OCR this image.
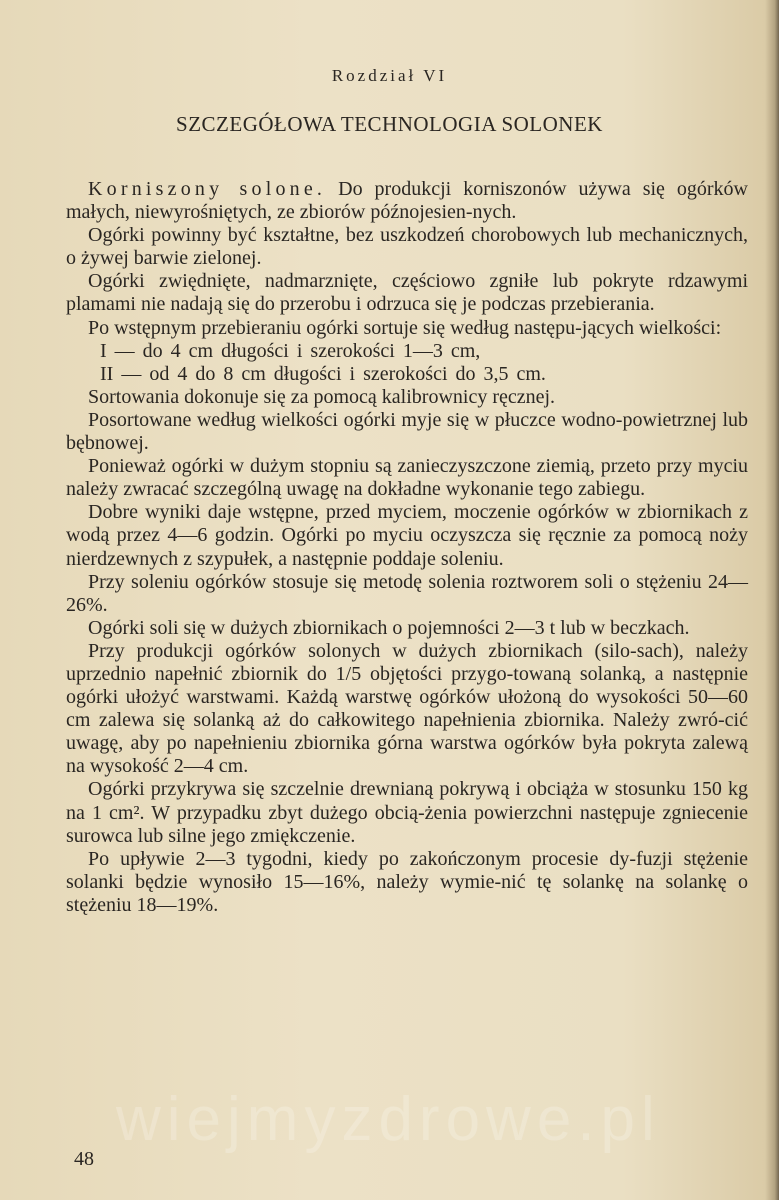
Rozdział VI
SZCZEGÓŁOWA TECHNOLOGIA SOLONEK

Korniszony solone. Do produkcji korniszonów używa się ogórków małych, niewyrośniętych, ze zbiorów późnojesien-nych.

Ogórki powinny być kształtne, bez uszkodzeń chorobowych lub mechanicznych, o żywej barwie zielonej.

Ogórki zwiędnięte, nadmarznięte, częściowo zgniłe lub pokryte rdzawymi plamami nie nadają się do przerobu i odrzuca się je podczas przebierania.

Po wstępnym przebieraniu ogórki sortuje się według następu-jących wielkości:

I — do 4 cm długości i szerokości 1—3 cm,

II — od 4 do 8 cm długości i szerokości do 3,5 cm.

Sortowania dokonuje się za pomocą kalibrownicy ręcznej.

Posortowane według wielkości ogórki myje się w płuczce wodno-powietrznej lub bębnowej.

Ponieważ ogórki w dużym stopniu są zanieczyszczone ziemią, przeto przy myciu należy zwracać szczególną uwagę na dokładne wykonanie tego zabiegu.

Dobre wyniki daje wstępne, przed myciem, moczenie ogórków w zbiornikach z wodą przez 4—6 godzin. Ogórki po myciu oczyszcza się ręcznie za pomocą noży nierdzewnych z szypułek, a następnie poddaje soleniu.

Przy soleniu ogórków stosuje się metodę solenia roztworem soli o stężeniu 24—26%.

Ogórki soli się w dużych zbiornikach o pojemności 2—3 t lub w beczkach.

Przy produkcji ogórków solonych w dużych zbiornikach (silo-sach), należy uprzednio napełnić zbiornik do 1/5 objętości przygo-towaną solanką, a następnie ogórki ułożyć warstwami. Każdą warstwę ogórków ułożoną do wysokości 50—60 cm zalewa się solanką aż do całkowitego napełnienia zbiornika. Należy zwró-cić uwagę, aby po napełnieniu zbiornika górna warstwa ogórków była pokryta zalewą na wysokość 2—4 cm.

Ogórki przykrywa się szczelnie drewnianą pokrywą i obciąża w stosunku 150 kg na 1 cm². W przypadku zbyt dużego obcią-żenia powierzchni następuje zgniecenie surowca lub silne jego zmiękczenie.

Po upływie 2—3 tygodni, kiedy po zakończonym procesie dy-fuzji stężenie solanki będzie wynosiło 15—16%, należy wymie-nić tę solankę na solankę o stężeniu 18—19%.

wiejmyzdrowe.pl
48
